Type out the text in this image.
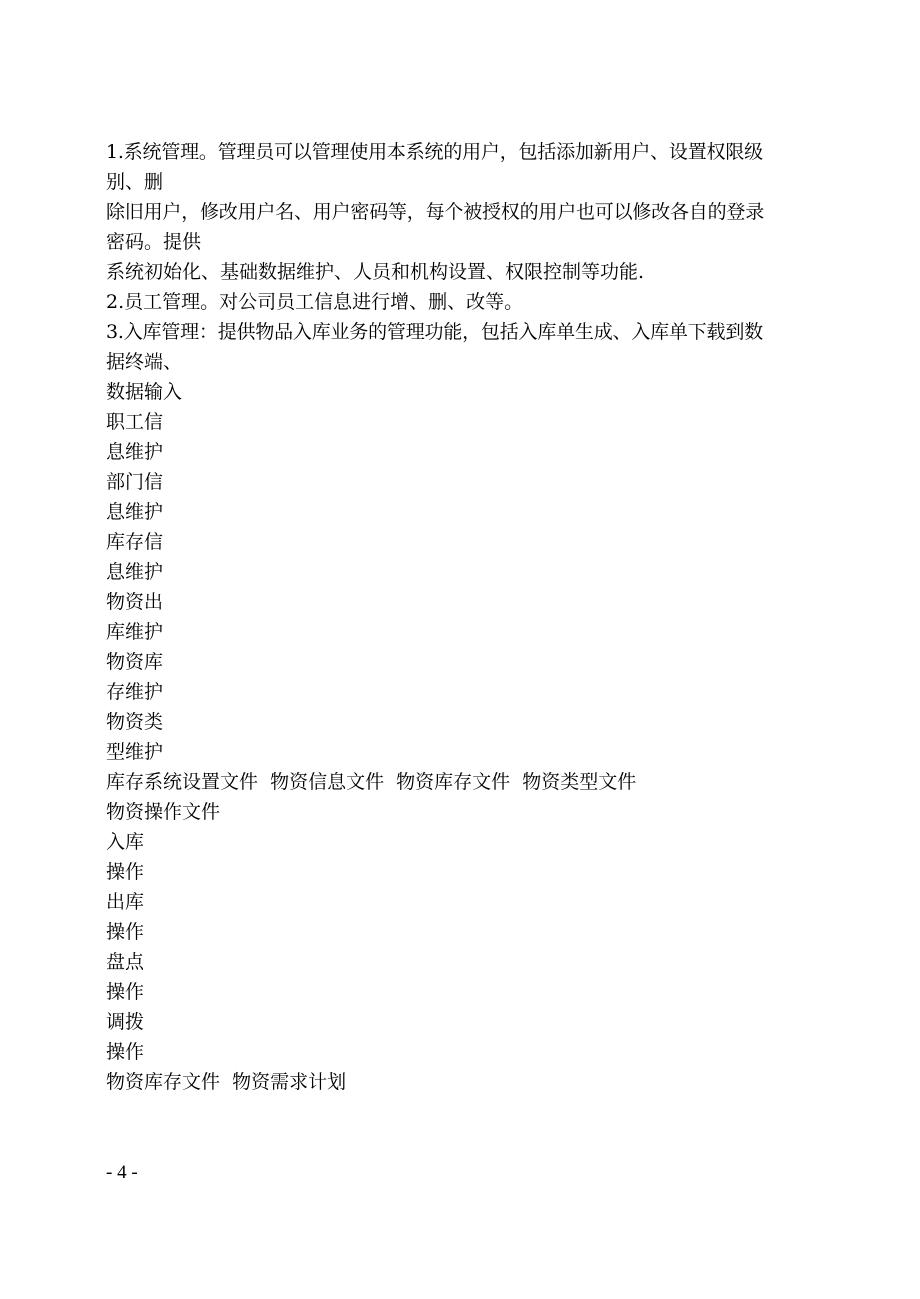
1.系统管理。管理员可以管理使用本系统的用户，包括添加新用户、设置权限级
别、删
除旧用户，修改用户名、用户密码等，每个被授权的用户也可以修改各自的登录
密码。提供
系统初始化、基础数据维护、人员和机构设置、权限控制等功能.
2.员工管理。对公司员工信息进行增、删、改等。
3.入库管理：提供物品入库业务的管理功能，包括入库单生成、入库单下载到数
据终端、
数据输入
职工信
息维护
部门信
息维护
库存信
息维护
物资出
库维护
物资库
存维护
物资类
型维护
库存系统设置文件  物资信息文件  物资库存文件  物资类型文件
物资操作文件
入库
操作
出库
操作
盘点
操作
调拨
操作
物资库存文件  物资需求计划
- 4 -
